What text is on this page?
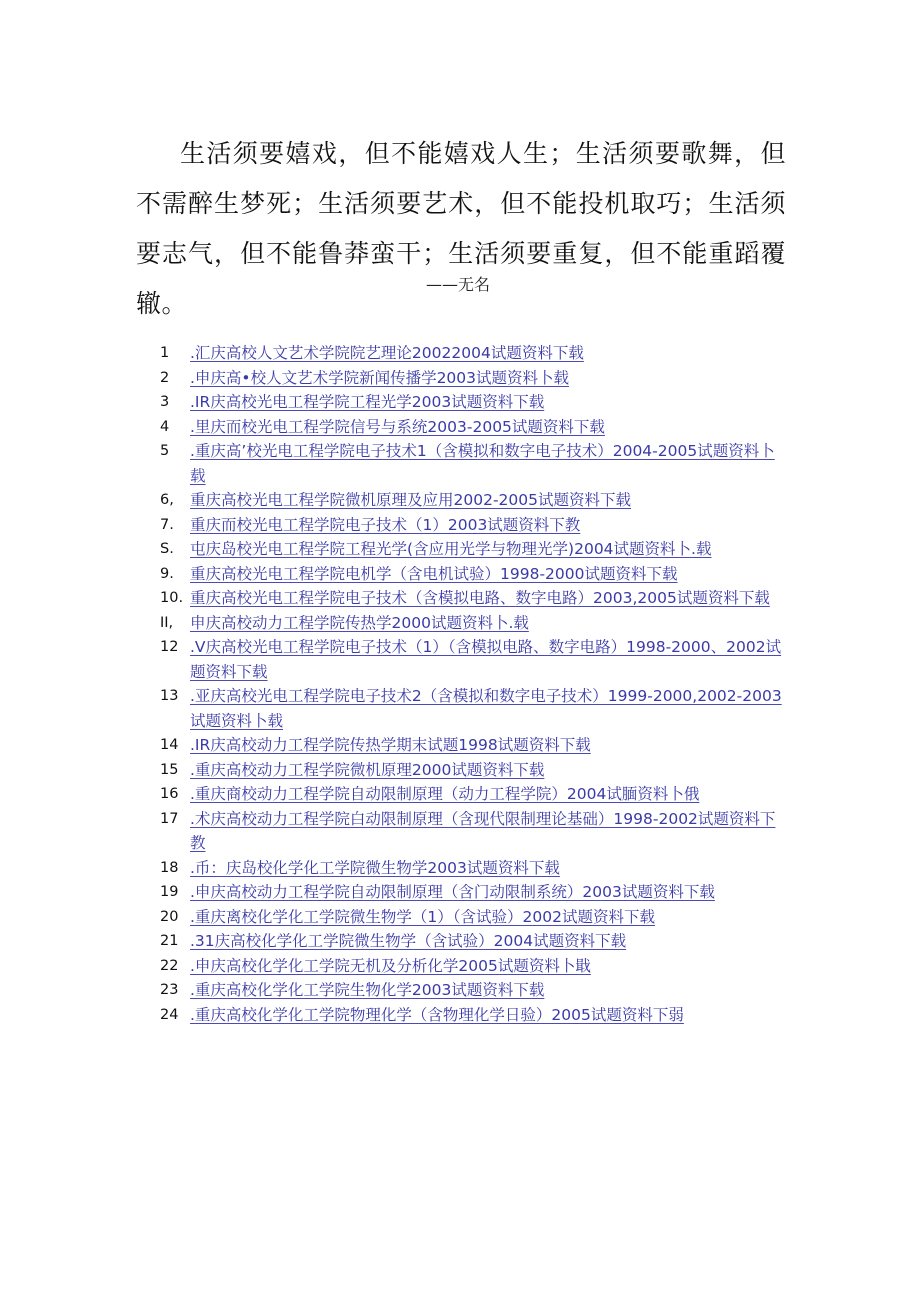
生活须要嬉戏，但不能嬉戏人生；生活须要歌舞，但不需醉生梦死；生活须要艺术，但不能投机取巧；生活须要志气，但不能鲁莽蛮干；生活须要重复，但不能重蹈覆辙。

——无名
1	.汇庆高校人文艺术学院院艺理论20022004试题资料下载
2	.申庆高•校人文艺术学院新闻传播学2003试题资料卜载
3	.IR庆高校光电工程学院工程光学2003试题资料下载
4	.里庆而校光电工程学院信号与系统2003-2005试题资料下载
5	.重庆高’校光电工程学院电子技术1（含模拟和数字电子技术）2004-2005试题资料卜载
6,	重庆高校光电工程学院微机原理及应用2002-2005试题资料下载
7.	重庆而校光电工程学院电子技术（1）2003试题资料下教
S.	屯庆岛校光电工程学院工程光学(含应用光学与物理光学)2004试题资料卜.载
9.	重庆高校光电工程学院电机学（含电机试验）1998-2000试题资料下载
10. 重庆高校光电工程学院电子技术（含模拟电路、数字电路）2003,2005试题资料下载
II,	申庆高校动力工程学院传热学2000试题资料卜.载
12 .V庆高校光电工程学院电子技术（1）（含模拟电路、数字电路）1998-2000、2002试题资料下载
13 .亚庆高校光电工程学院电子技术2（含模拟和数字电子技术）1999-2000,2002-2003试题资料卜载
14 .IR庆高校动力工程学院传热学期末试题1998试题资料下载
15 .重庆高校动力工程学院微机原理2000试题资料下载
16 .重庆商校动力工程学院自动限制原理（动力工程学院）2004试腼资料卜俄
17 .术庆高校动力工程学院白动限制原理（含现代限制理论基础）1998-2002试题资料下教
18 .币：庆岛校化学化工学院微生物学2003试题资料下载
19 .申庆高校动力工程学院自动限制原理（含门动限制系统）2003试题资料下载
20 .重庆离校化学化工学院微生物学（1）（含试验）2002试题资料下载
21 .31庆高校化学化工学院微生物学（含试验）2004试题资料下载
22 .申庆高校化学化工学院无机及分析化学2005试题资料卜戢
23 .重庆高校化学化工学院生物化学2003试题资料下载
24 .重庆高校化学化工学院物理化学（含物理化学日验）2005试题资料下弱
